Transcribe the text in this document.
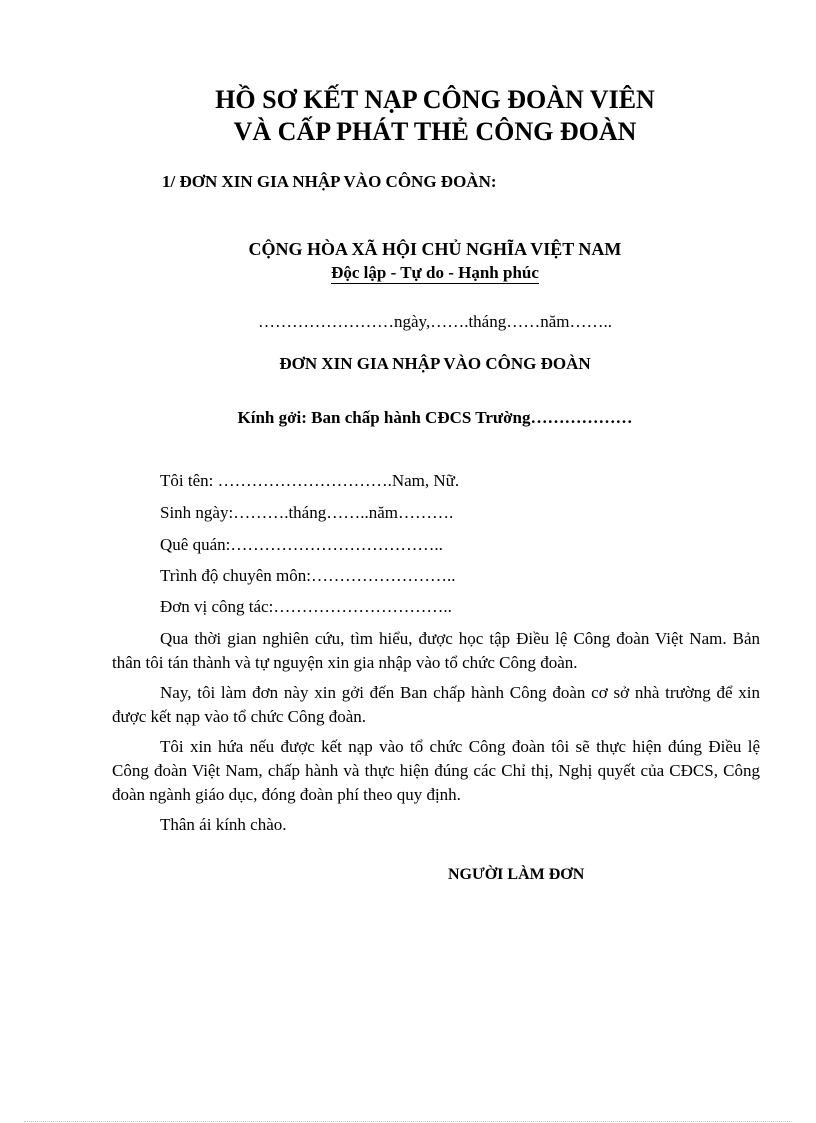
HỒ SƠ KẾT NẠP CÔNG ĐOÀN VIÊN
VÀ CẤP PHÁT THẺ CÔNG ĐOÀN
1/ ĐƠN XIN GIA NHẬP VÀO CÔNG ĐOÀN:
CỘNG HÒA XÃ HỘI CHỦ NGHĨA VIỆT NAM
Độc lập - Tự do - Hạnh phúc
……………………ngày,…….tháng……năm……..
ĐƠN XIN GIA NHẬP VÀO CÔNG ĐOÀN
Kính gởi: Ban chấp hành CĐCS Trường………………
Tôi tên: ………………………….Nam, Nữ.
Sinh ngày:……….tháng……..năm……….
Quê quán:………………………………..
Trình độ chuyên môn:……………………..
Đơn vị công tác:…………………………..
Qua thời gian nghiên cứu, tìm hiểu, được học tập Điều lệ Công đoàn Việt Nam. Bản thân tôi tán thành và tự nguyện xin gia nhập vào tổ chức Công đoàn.
Nay, tôi làm đơn này xin gởi đến Ban chấp hành Công đoàn cơ sở nhà trường để xin được kết nạp vào tổ chức Công đoàn.
Tôi xin hứa nếu được kết nạp vào tổ chức Công đoàn tôi sẽ thực hiện đúng Điều lệ Công đoàn Việt Nam, chấp hành và thực hiện đúng các Chỉ thị, Nghị quyết của CĐCS, Công đoàn ngành giáo dục, đóng đoàn phí theo quy định.
Thân ái kính chào.
NGƯỜI LÀM ĐƠN
